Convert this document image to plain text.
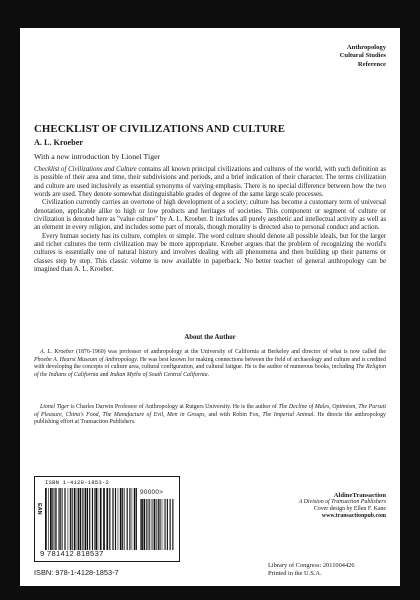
Anthropology
Cultural Studies
Reference
CHECKLIST OF CIVILIZATIONS AND CULTURE
A. L. Kroeber
With a new introduction by Lionel Tiger

Checklist of Civilizations and Culture contains all known principal civilizations and cultures of the world, with such definition as is possible of their area and time, their subdivisions and periods, and a brief indication of their character. The terms civilization and culture are used inclusively as essential synonyms of varying emphasis. There is no special difference between how the two words are used. They denote somewhat distinguishable grades of degree of the same large scale processes.

Civilization currently carries an overtone of high development of a society; culture has become a customary term of universal denotation, applicable alike to high or low products and heritages of societies. This component or segment of culture or civilization is denoted here as "value culture" by A. L. Kroeber. It includes all purely aesthetic and intellectual activity as well as an element in every religion, and includes some part of morals, though morality is directed also to personal conduct and action.

Every human society has its culture, complex or simple. The word culture should denote all possible ideals, but for the larger and richer cultures the term civilization may be more appropriate. Kroeber argues that the problem of recognizing the world's cultures is essentially one of natural history and involves dealing with all phenomena and then building up their patterns or classes step by step. This classic volume is now available in paperback. No better teacher of general anthropology can be imagined than A. L. Kroeber.

About the Author

A. L. Kroeber (1876-1960) was professor of anthropology at the University of California at Berkeley and director of what is now called the Phoebe A. Hearst Museum of Anthropology. He was best known for making connections between the field of archaeology and culture and is credited with developing the concepts of culture area, cultural configuration, and cultural fatigue. He is the author of numerous books, including The Religion of the Indians of California and Indian Myths of South Central California.

Lionel Tiger is Charles Darwin Professor of Anthropology at Rutgers University. He is the author of The Decline of Males, Optimism, The Pursuit of Pleasure, China's Food, The Manufacture of Evil, Men in Groups, and with Robin Fox, The Imperial Animal. He directs the anthropology publishing effort at Transaction Publishers.

ISBN 1-4128-1853-2
EAN
90000>
9 781412 818537
AldineTransaction
A Division of Transaction Publishers
Cover design by Ellen F. Kane
www.transactionpub.com
ISBN: 978-1-4128-1853-7
Library of Congress: 2011004426
Printed in the U.S.A.
